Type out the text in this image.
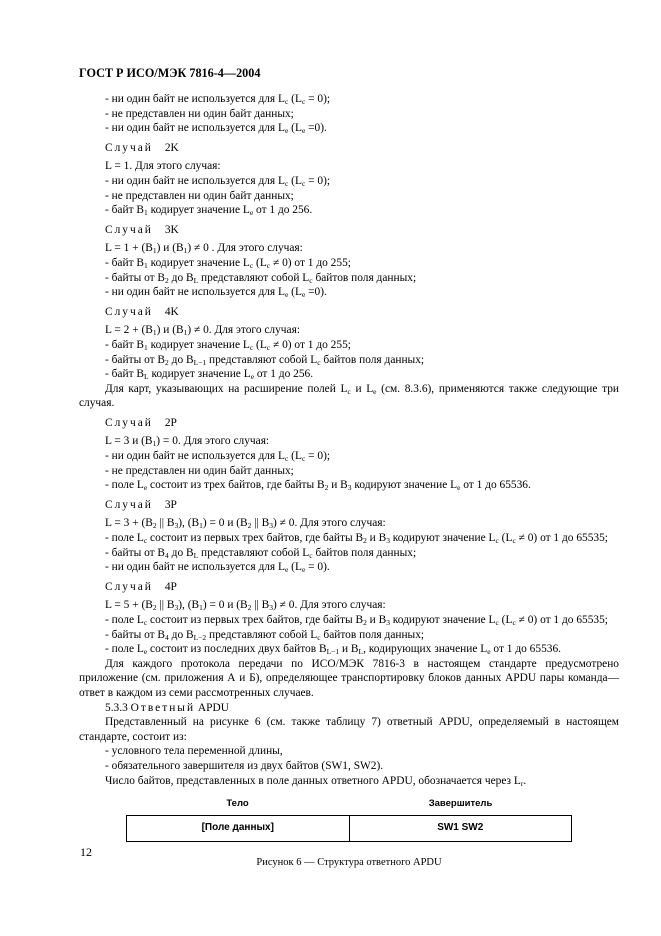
ГОСТ Р ИСО/МЭК 7816-4—2004
- ни один байт не используется для $L_c$ $(L_c = 0)$;
- не представлен ни один байт данных;
- ни один байт не используется для $L_e$ $(L_e =0)$.
Случай 2K
L = 1. Для этого случая:
- ни один байт не используется для $L_c$ $(L_c = 0)$;
- не представлен ни один байт данных;
- байт $B_1$ кодирует значение $L_e$ от 1 до 256.
Случай 3K
$L = 1 + (B_1)$ и $(B_1) \ne 0$ . Для этого случая:
- байт $B_1$ кодирует значение $L_c$ $(L_c \ne 0)$ от 1 до 255;
- байты от $B_2$ до $B_L$ представляют собой $L_c$ байтов поля данных;
- ни один байт не используется для $L_e$ $(L_e =0)$.
Случай 4K
$L = 2 + (B_1)$ и $(B_1) \ne 0$. Для этого случая:
- байт $B_1$ кодирует значение $L_c$ $(L_c \ne 0)$ от 1 до 255;
- байты от $B_2$ до $B_{L-1}$ представляют собой $L_c$ байтов поля данных;
- байт $B_L$ кодирует значение $L_e$ от 1 до 256.
Для карт, указывающих на расширение полей $L_c$ и $L_e$ (см. 8.3.6), применяются также следующие три случая.
Случай 2P
L = 3 и $(B_1) = 0$. Для этого случая:
- ни один байт не используется для $L_c$ $(L_c = 0)$;
- не представлен ни один байт данных;
- поле $L_e$ состоит из трех байтов, где байты $B_2$ и $B_3$ кодируют значение $L_e$ от 1 до 65536.
Случай 3P
$L = 3 + (B_2$ || $B_3$), $(B_1) = 0$ и ($B_2$ || $B_3) \ne 0$. Для этого случая:
- поле $L_c$ состоит из первых трех байтов, где байты $B_2$ и $B_3$ кодируют значение $L_c$ $(L_c \ne 0)$ от 1 до 65535;
- байты от $B_4$ до $B_L$ представляют собой $L_c$ байтов поля данных;
- ни один байт не используется для $L_e$ $(L_e = 0)$.
Случай 4P
$L = 5 + (B_2$ || $B_3$), $(B_1) = 0$ и ($B_2$ || $B_3) \ne 0$. Для этого случая:
- поле $L_c$ состоит из первых трех байтов, где байты $B_2$ и $B_3$ кодируют значение $L_c$ $(L_c \ne 0)$ от 1 до 65535;
- байты от $B_4$ до $B_{L-2}$ представляют собой $L_c$ байтов поля данных;
- поле $L_e$ состоит из последних двух байтов $B_{L-1}$ и $B_L$, кодирующих значение $L_e$ от 1 до 65536.
Для каждого протокола передачи по ИСО/МЭК 7816-3 в настоящем стандарте предусмотрено приложение (см. приложения А и Б), определяющее транспортировку блоков данных APDU пары команда—ответ в каждом из семи рассмотренных случаев.
5.3.3 Ответный APDU
Представленный на рисунке 6 (см. также таблицу 7) ответный APDU, определяемый в настоящем стандарте, состоит из:
- условного тела переменной длины,
- обязательного завершителя из двух байтов (SW1, SW2).
Число байтов, представленных в поле данных ответного APDU, обозначается через $L_r$.
Тело	Завершитель
[Поле данных]	SW1 SW2
Рисунок 6 — Структура ответного APDU
12
